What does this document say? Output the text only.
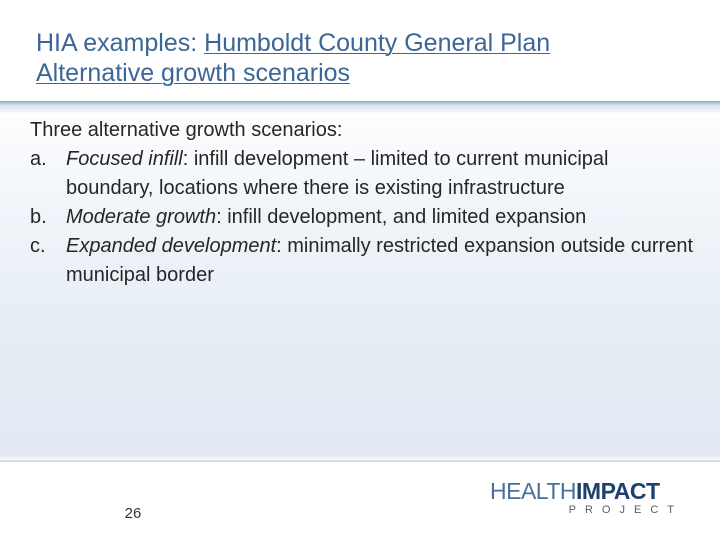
HIA examples: Humboldt County General Plan
Alternative growth scenarios

Three alternative growth scenarios:

a. Focused infill: infill development – limited to current municipal boundary, locations where there is existing infrastructure

b. Moderate growth: infill development, and limited expansion

c. Expanded development: minimally restricted expansion outside current municipal border

26
HEALTHIMPACT
PROJECT
